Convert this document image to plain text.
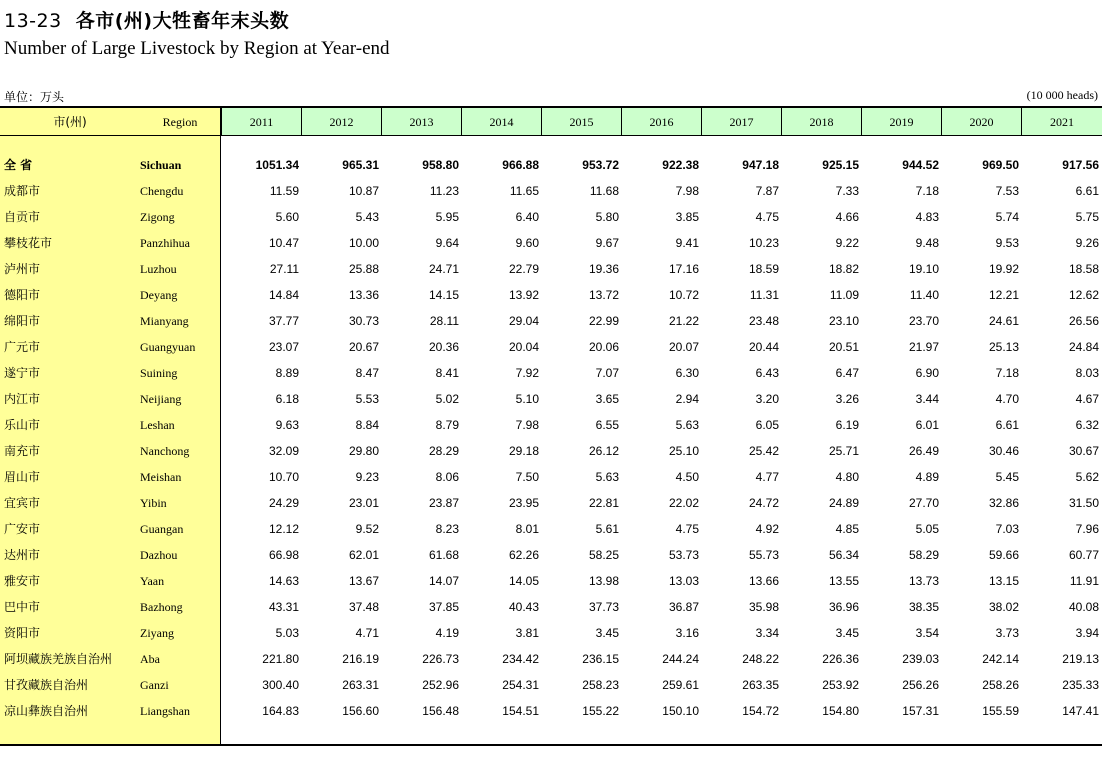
13-23 各市(州)大牲畜年末头数
Number of Large Livestock by Region at Year-end
单位：万头	(10 000 heads)
市(州)	Region	2011	2012	2013	2014	2015	2016	2017	2018	2019	2020	2021
全 省	Sichuan	1051.34	965.31	958.80	966.88	953.72	922.38	947.18	925.15	944.52	969.50	917.56
成都市	Chengdu	11.59	10.87	11.23	11.65	11.68	7.98	7.87	7.33	7.18	7.53	6.61
自贡市	Zigong	5.60	5.43	5.95	6.40	5.80	3.85	4.75	4.66	4.83	5.74	5.75
攀枝花市	Panzhihua	10.47	10.00	9.64	9.60	9.67	9.41	10.23	9.22	9.48	9.53	9.26
泸州市	Luzhou	27.11	25.88	24.71	22.79	19.36	17.16	18.59	18.82	19.10	19.92	18.58
德阳市	Deyang	14.84	13.36	14.15	13.92	13.72	10.72	11.31	11.09	11.40	12.21	12.62
绵阳市	Mianyang	37.77	30.73	28.11	29.04	22.99	21.22	23.48	23.10	23.70	24.61	26.56
广元市	Guangyuan	23.07	20.67	20.36	20.04	20.06	20.07	20.44	20.51	21.97	25.13	24.84
遂宁市	Suining	8.89	8.47	8.41	7.92	7.07	6.30	6.43	6.47	6.90	7.18	8.03
内江市	Neijiang	6.18	5.53	5.02	5.10	3.65	2.94	3.20	3.26	3.44	4.70	4.67
乐山市	Leshan	9.63	8.84	8.79	7.98	6.55	5.63	6.05	6.19	6.01	6.61	6.32
南充市	Nanchong	32.09	29.80	28.29	29.18	26.12	25.10	25.42	25.71	26.49	30.46	30.67
眉山市	Meishan	10.70	9.23	8.06	7.50	5.63	4.50	4.77	4.80	4.89	5.45	5.62
宜宾市	Yibin	24.29	23.01	23.87	23.95	22.81	22.02	24.72	24.89	27.70	32.86	31.50
广安市	Guangan	12.12	9.52	8.23	8.01	5.61	4.75	4.92	4.85	5.05	7.03	7.96
达州市	Dazhou	66.98	62.01	61.68	62.26	58.25	53.73	55.73	56.34	58.29	59.66	60.77
雅安市	Yaan	14.63	13.67	14.07	14.05	13.98	13.03	13.66	13.55	13.73	13.15	11.91
巴中市	Bazhong	43.31	37.48	37.85	40.43	37.73	36.87	35.98	36.96	38.35	38.02	40.08
资阳市	Ziyang	5.03	4.71	4.19	3.81	3.45	3.16	3.34	3.45	3.54	3.73	3.94
阿坝藏族羌族自治州 Aba	221.80	216.19	226.73	234.42	236.15	244.24	248.22	226.36	239.03	242.14	219.13
甘孜藏族自治州	Ganzi	300.40	263.31	252.96	254.31	258.23	259.61	263.35	253.92	256.26	258.26	235.33
凉山彝族自治州	Liangshan	164.83	156.60	156.48	154.51	155.22	150.10	154.72	154.80	157.31	155.59	147.41
